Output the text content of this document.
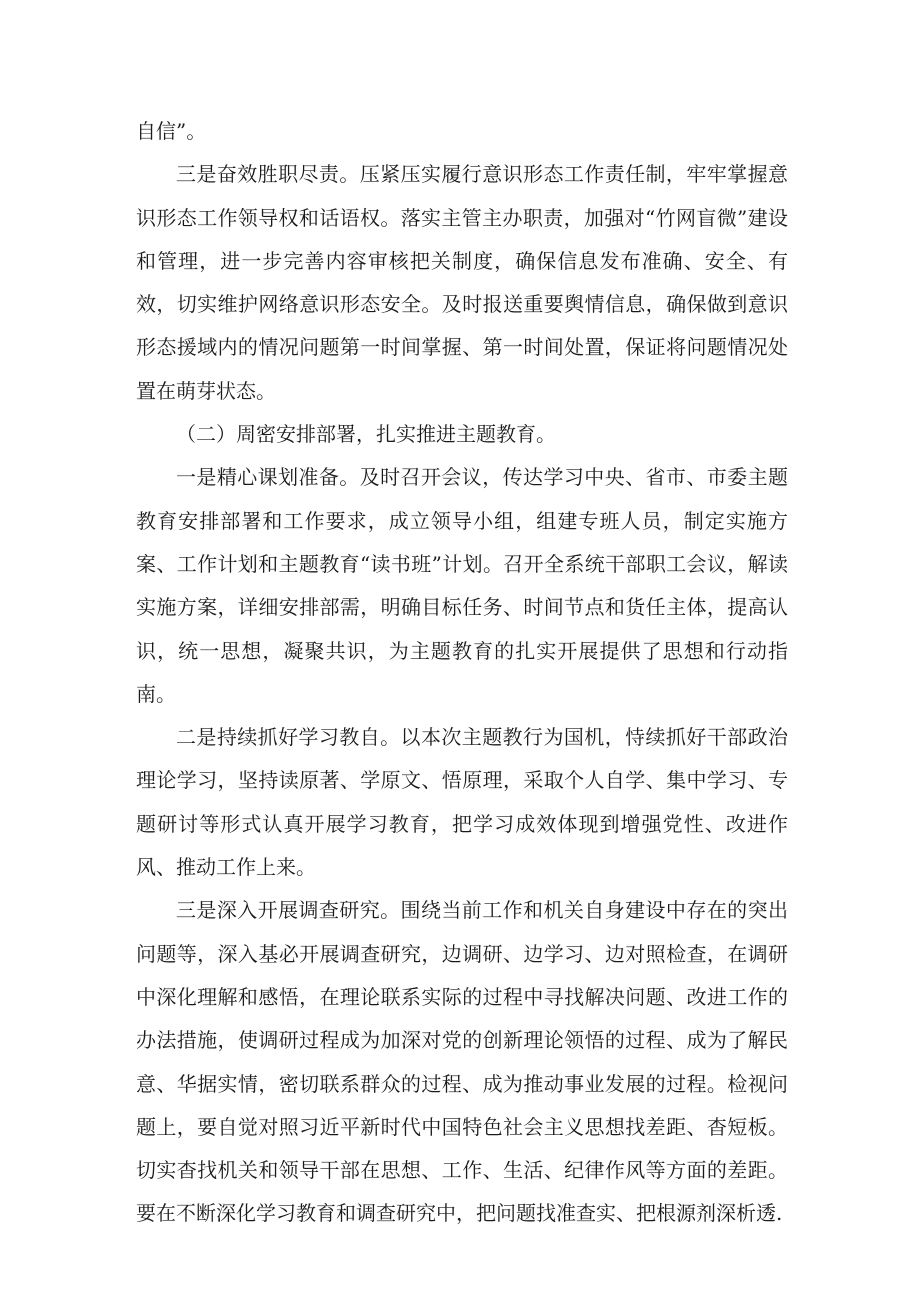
自信”。

三是奋效胜职尽责。压紧压实履行意识形态工作责任制，牢牢掌握意识形态工作领导权和话语权。落实主管主办职责，加强对“竹网盲微”建设和管理，进一步完善内容审核把关制度，确保信息发布准确、安全、有效，切实维护网络意识形态安全。及时报送重要舆情信息，确保做到意识形态援域内的情况问题第一时间掌握、第一时间处置，保证将问题情况处置在萌芽状态。

（二）周密安排部署，扎实推进主题教育。

一是精心课划准备。及时召开会议，传达学习中央、省市、市委主题教育安排部署和工作要求，成立领导小组，组建专班人员，制定实施方案、工作计划和主题教育“读书班”计划。召开全系统干部职工会议，解读实施方案，详细安排部需，明确目标任务、时间节点和货任主体，提高认识，统一思想，凝聚共识，为主题教育的扎实开展提供了思想和行动指南。

二是持续抓好学习教自。以本次主题教行为国机，恃续抓好干部政治理论学习，坚持读原著、学原文、悟原理，采取个人自学、集中学习、专题研讨等形式认真开展学习教育，把学习成效体现到增强党性、改进作风、推动工作上来。

三是深入开展调查研究。围绕当前工作和机关自身建设中存在的突出问题等，深入基必开展调查研究，边调研、边学习、边对照检查，在调研中深化理解和感悟，在理论联系实际的过程中寻找解决问题、改进工作的办法措施，使调研过程成为加深对党的创新理论领悟的过程、成为了解民意、华据实情，密切联系群众的过程、成为推动事业发展的过程。检视问题上，要自觉对照习近平新时代中国特色社会主义思想找差距、杳短板。切实杳找机关和领导干部在思想、工作、生活、纪律作风等方面的差距。要在不断深化学习教育和调查研究中，把问题找准查实、把根源剂深析透.
